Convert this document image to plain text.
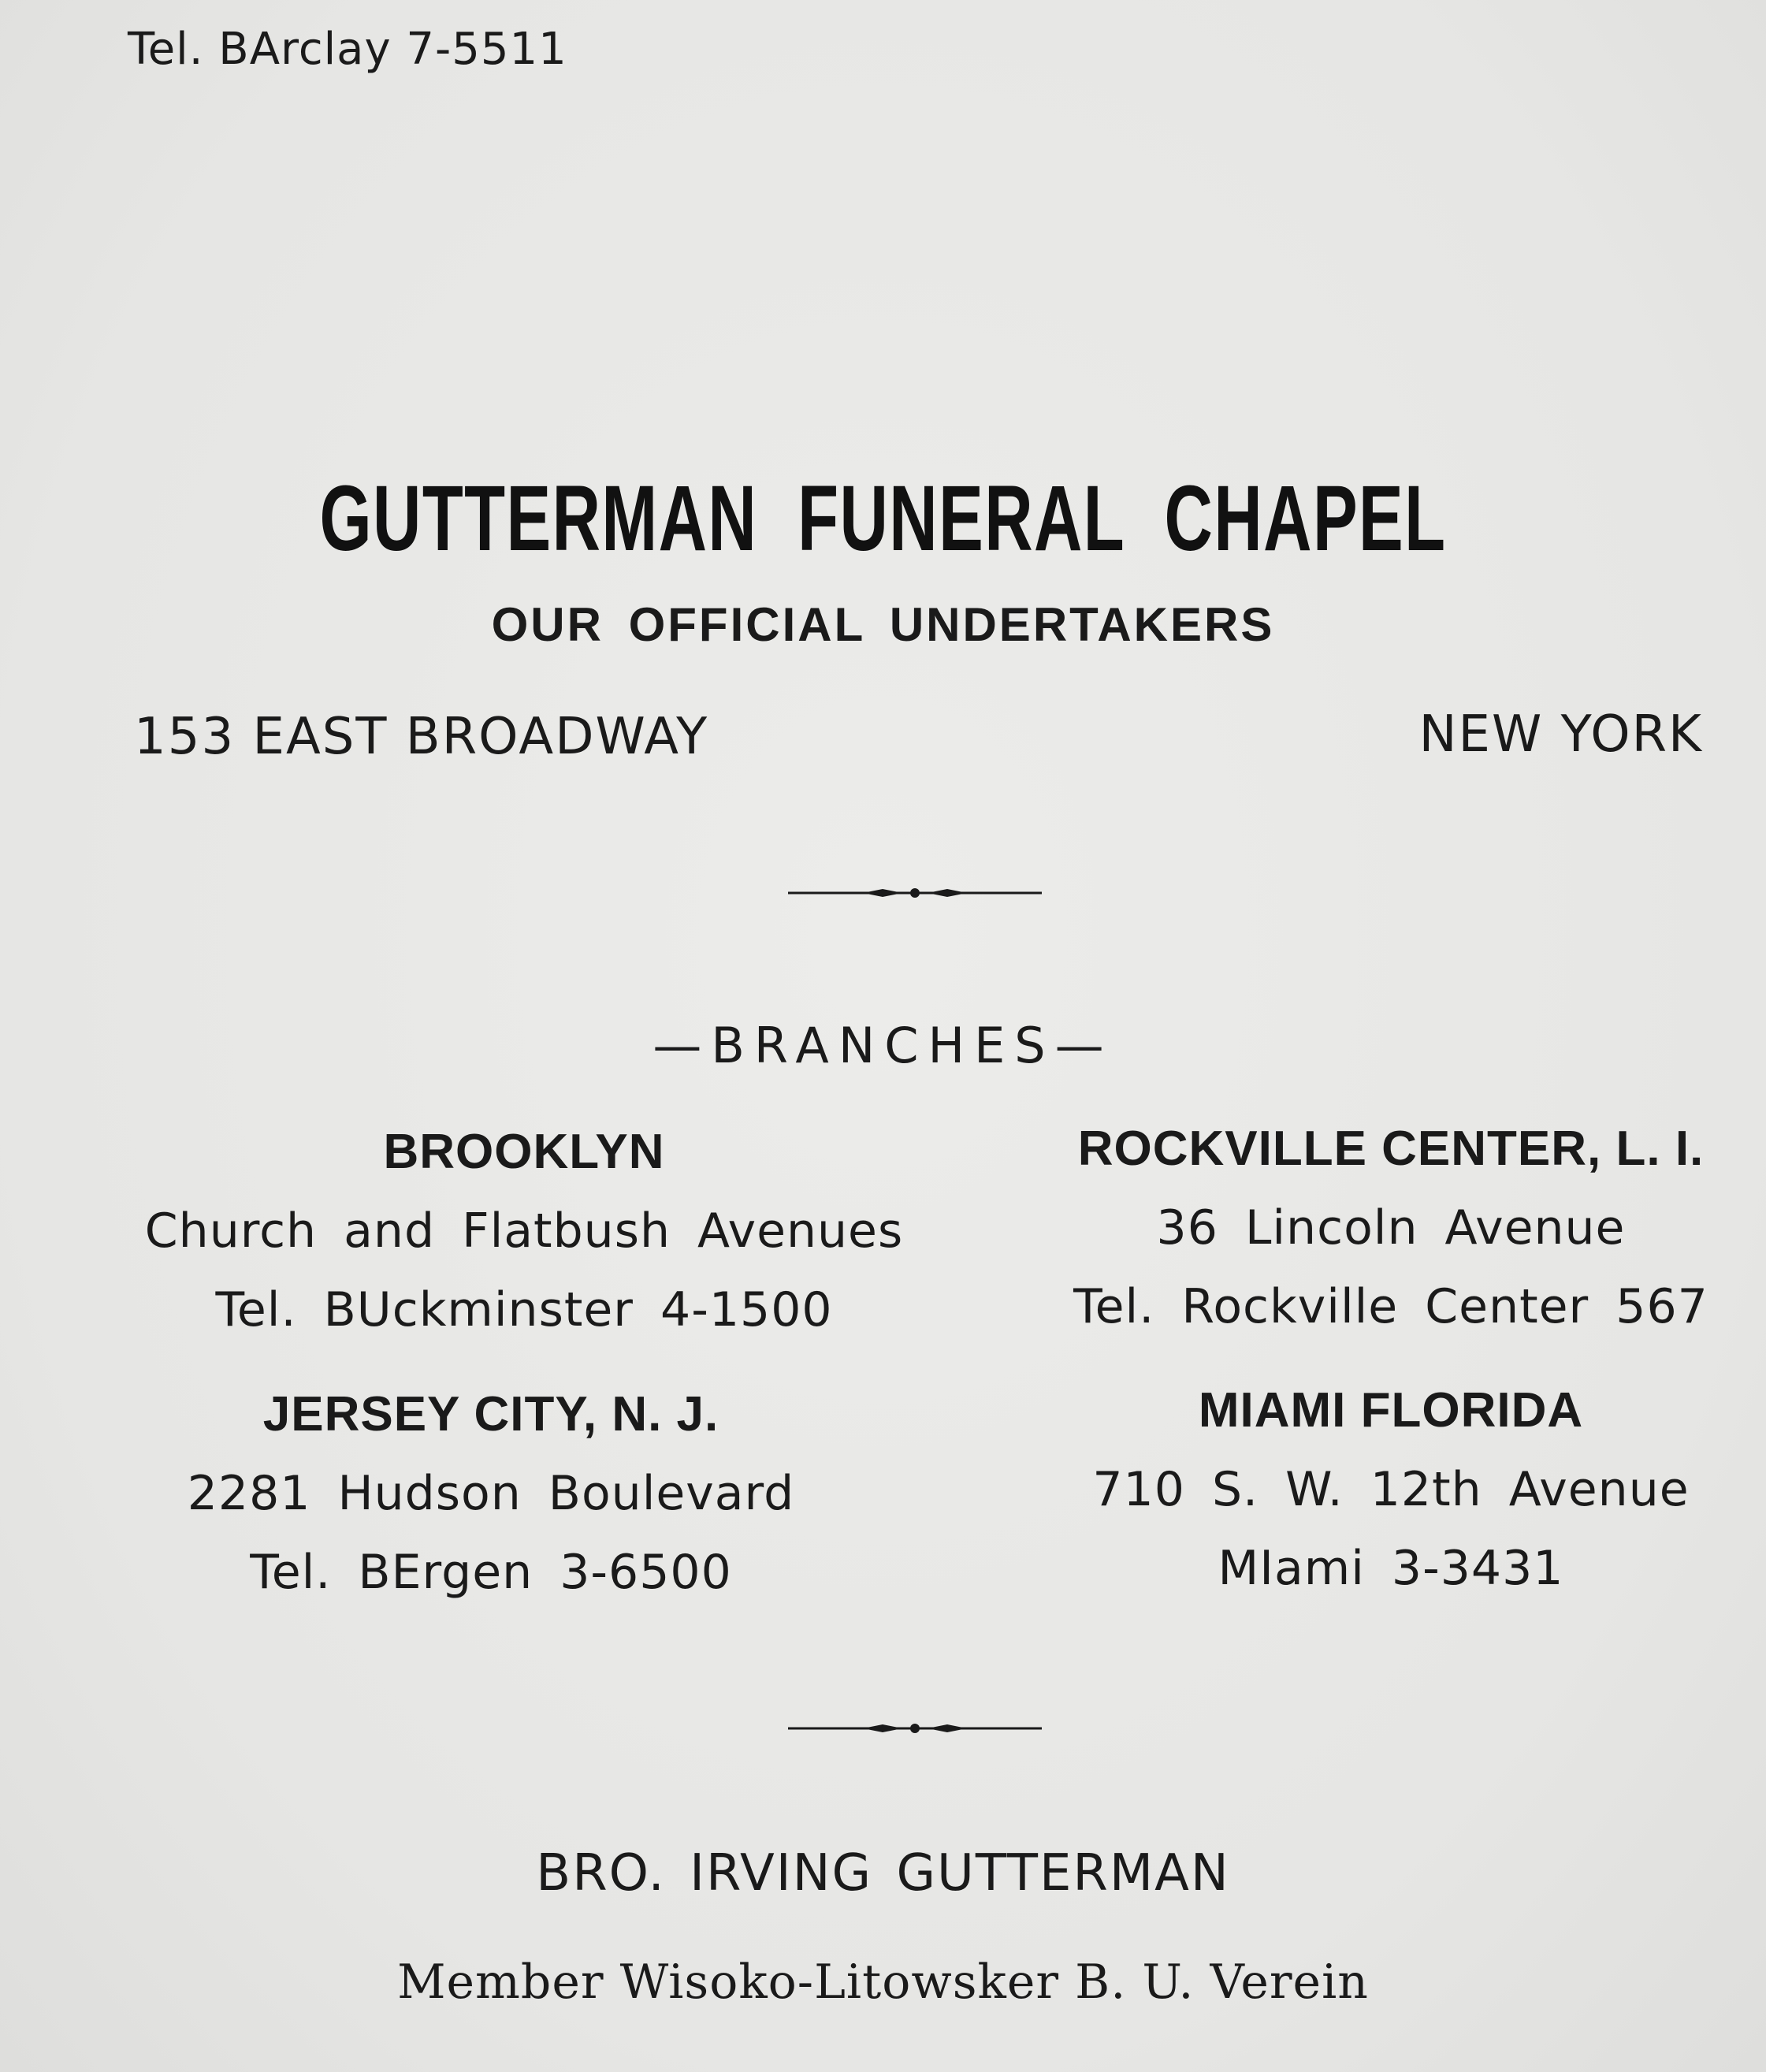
Tel. BArclay 7-5511
GUTTERMAN FUNERAL CHAPEL
OUR OFFICIAL UNDERTAKERS
153 EAST BROADWAY	NEW YORK
—BRANCHES—
BROOKLYN
Church and Flatbush Avenues
Tel. BUckminster 4-1500
ROCKVILLE CENTER, L. I.
36 Lincoln Avenue
Tel. Rockville Center 567
JERSEY CITY, N. J.
2281 Hudson Boulevard
Tel. BErgen 3-6500
MIAMI FLORIDA
710 S. W. 12th Avenue
MIami 3-3431
BRO. IRVING GUTTERMAN
Member Wisoko-Litowsker B. U. Verein
